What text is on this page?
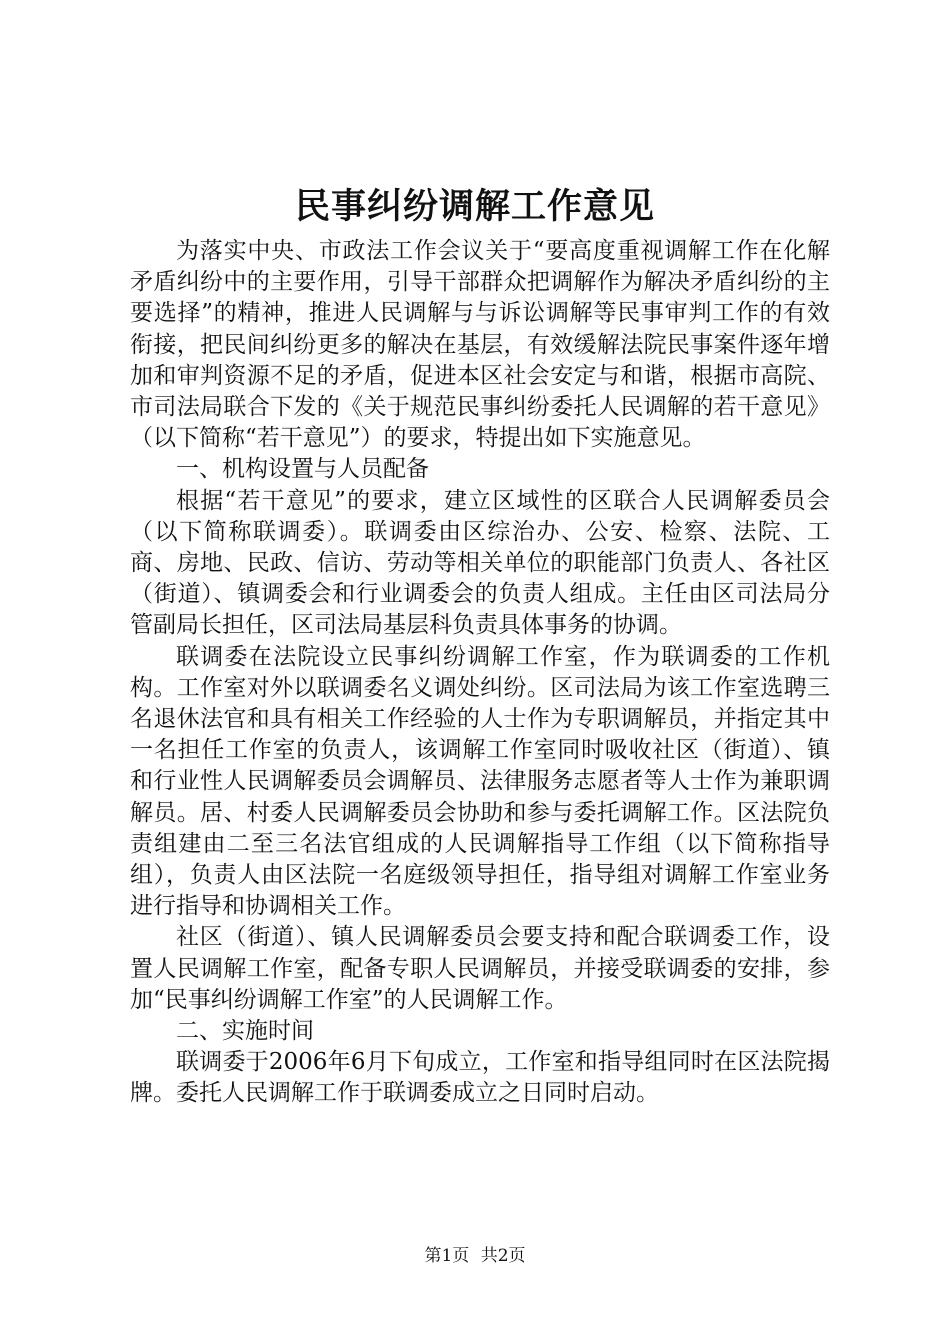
民事纠纷调解工作意见

为落实中央、市政法工作会议关于“要高度重视调解工作在化解矛盾纠纷中的主要作用，引导干部群众把调解作为解决矛盾纠纷的主要选择”的精神，推进人民调解与与诉讼调解等民事审判工作的有效衔接，把民间纠纷更多的解决在基层，有效缓解法院民事案件逐年增加和审判资源不足的矛盾，促进本区社会安定与和谐，根据市高院、市司法局联合下发的《关于规范民事纠纷委托人民调解的若干意见》（以下简称“若干意见”）的要求，特提出如下实施意见。

一、机构设置与人员配备

根据“若干意见”的要求，建立区域性的区联合人民调解委员会（以下简称联调委）。联调委由区综治办、公安、检察、法院、工商、房地、民政、信访、劳动等相关单位的职能部门负责人、各社区（街道）、镇调委会和行业调委会的负责人组成。主任由区司法局分管副局长担任，区司法局基层科负责具体事务的协调。

联调委在法院设立民事纠纷调解工作室，作为联调委的工作机构。工作室对外以联调委名义调处纠纷。区司法局为该工作室选聘三名退休法官和具有相关工作经验的人士作为专职调解员，并指定其中一名担任工作室的负责人，该调解工作室同时吸收社区（街道）、镇和行业性人民调解委员会调解员、法律服务志愿者等人士作为兼职调解员。居、村委人民调解委员会协助和参与委托调解工作。区法院负责组建由二至三名法官组成的人民调解指导工作组（以下简称指导组），负责人由区法院一名庭级领导担任，指导组对调解工作室业务进行指导和协调相关工作。

社区（街道）、镇人民调解委员会要支持和配合联调委工作，设置人民调解工作室，配备专职人民调解员，并接受联调委的安排，参加“民事纠纷调解工作室”的人民调解工作。

二、实施时间

联调委于2006年6月下旬成立，工作室和指导组同时在区法院揭牌。委托人民调解工作于联调委成立之日同时启动。

第1页 共2页
